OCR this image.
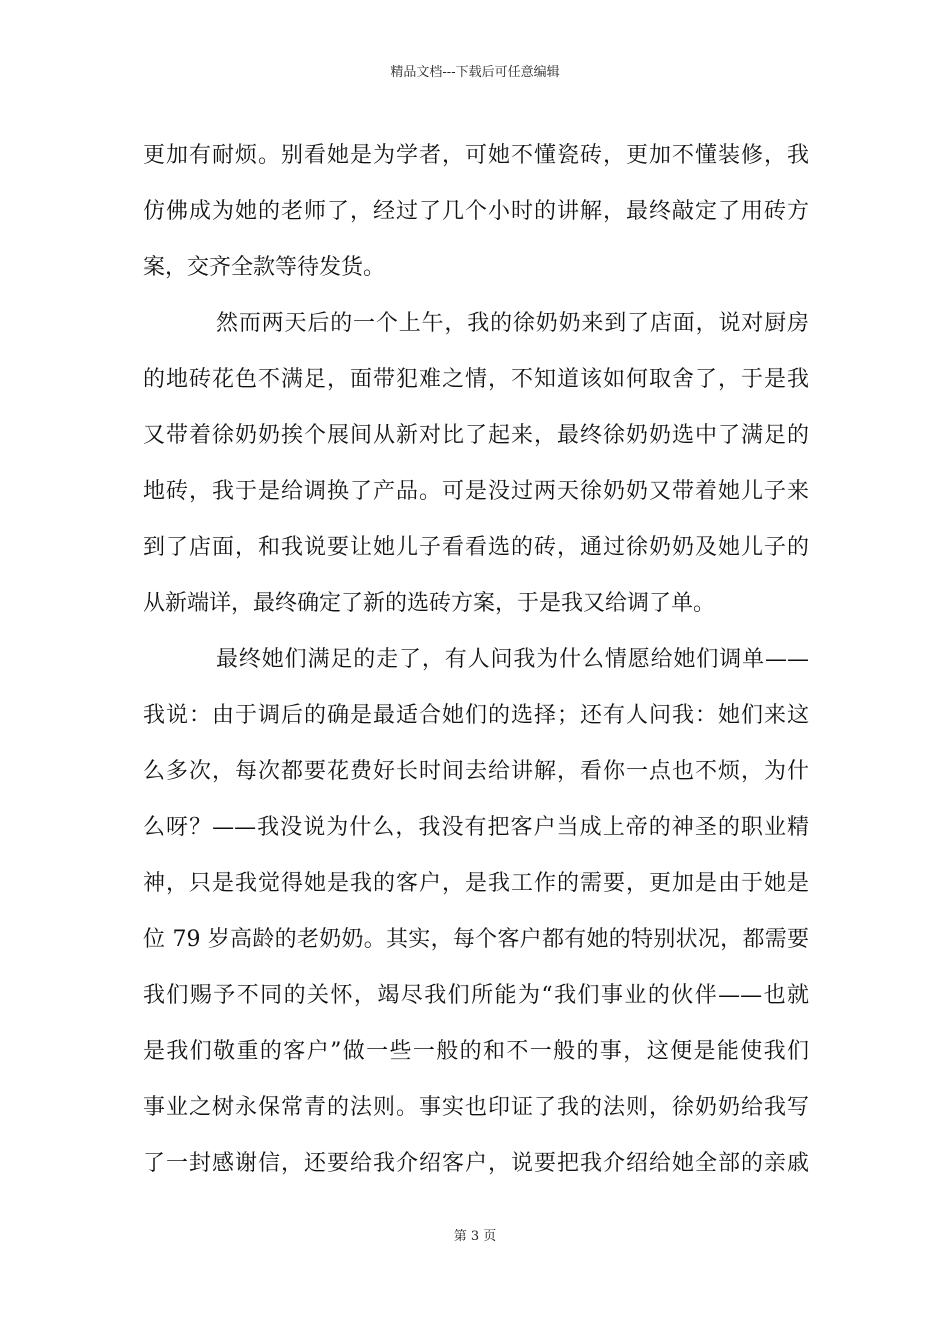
精品文档---下载后可任意编辑
更加有耐烦。别看她是为学者，可她不懂瓷砖，更加不懂装修，我
仿佛成为她的老师了，经过了几个小时的讲解，最终敲定了用砖方
案，交齐全款等待发货。
然而两天后的一个上午，我的徐奶奶来到了店面，说对厨房
的地砖花色不满足，面带犯难之情，不知道该如何取舍了，于是我
又带着徐奶奶挨个展间从新对比了起来，最终徐奶奶选中了满足的
地砖，我于是给调换了产品。可是没过两天徐奶奶又带着她儿子来
到了店面，和我说要让她儿子看看选的砖，通过徐奶奶及她儿子的
从新端详，最终确定了新的选砖方案，于是我又给调了单。
最终她们满足的走了，有人问我为什么情愿给她们调单——
我说：由于调后的确是最适合她们的选择；还有人问我：她们来这
么多次，每次都要花费好长时间去给讲解，看你一点也不烦，为什
么呀？——我没说为什么，我没有把客户当成上帝的神圣的职业精
神，只是我觉得她是我的客户，是我工作的需要，更加是由于她是
位 79 岁高龄的老奶奶。其实，每个客户都有她的特别状况，都需要
我们赐予不同的关怀，竭尽我们所能为“我们事业的伙伴——也就
是我们敬重的客户”做一些一般的和不一般的事，这便是能使我们
事业之树永保常青的法则。事实也印证了我的法则，徐奶奶给我写
了一封感谢信，还要给我介绍客户，说要把我介绍给她全部的亲戚
第 3 页
